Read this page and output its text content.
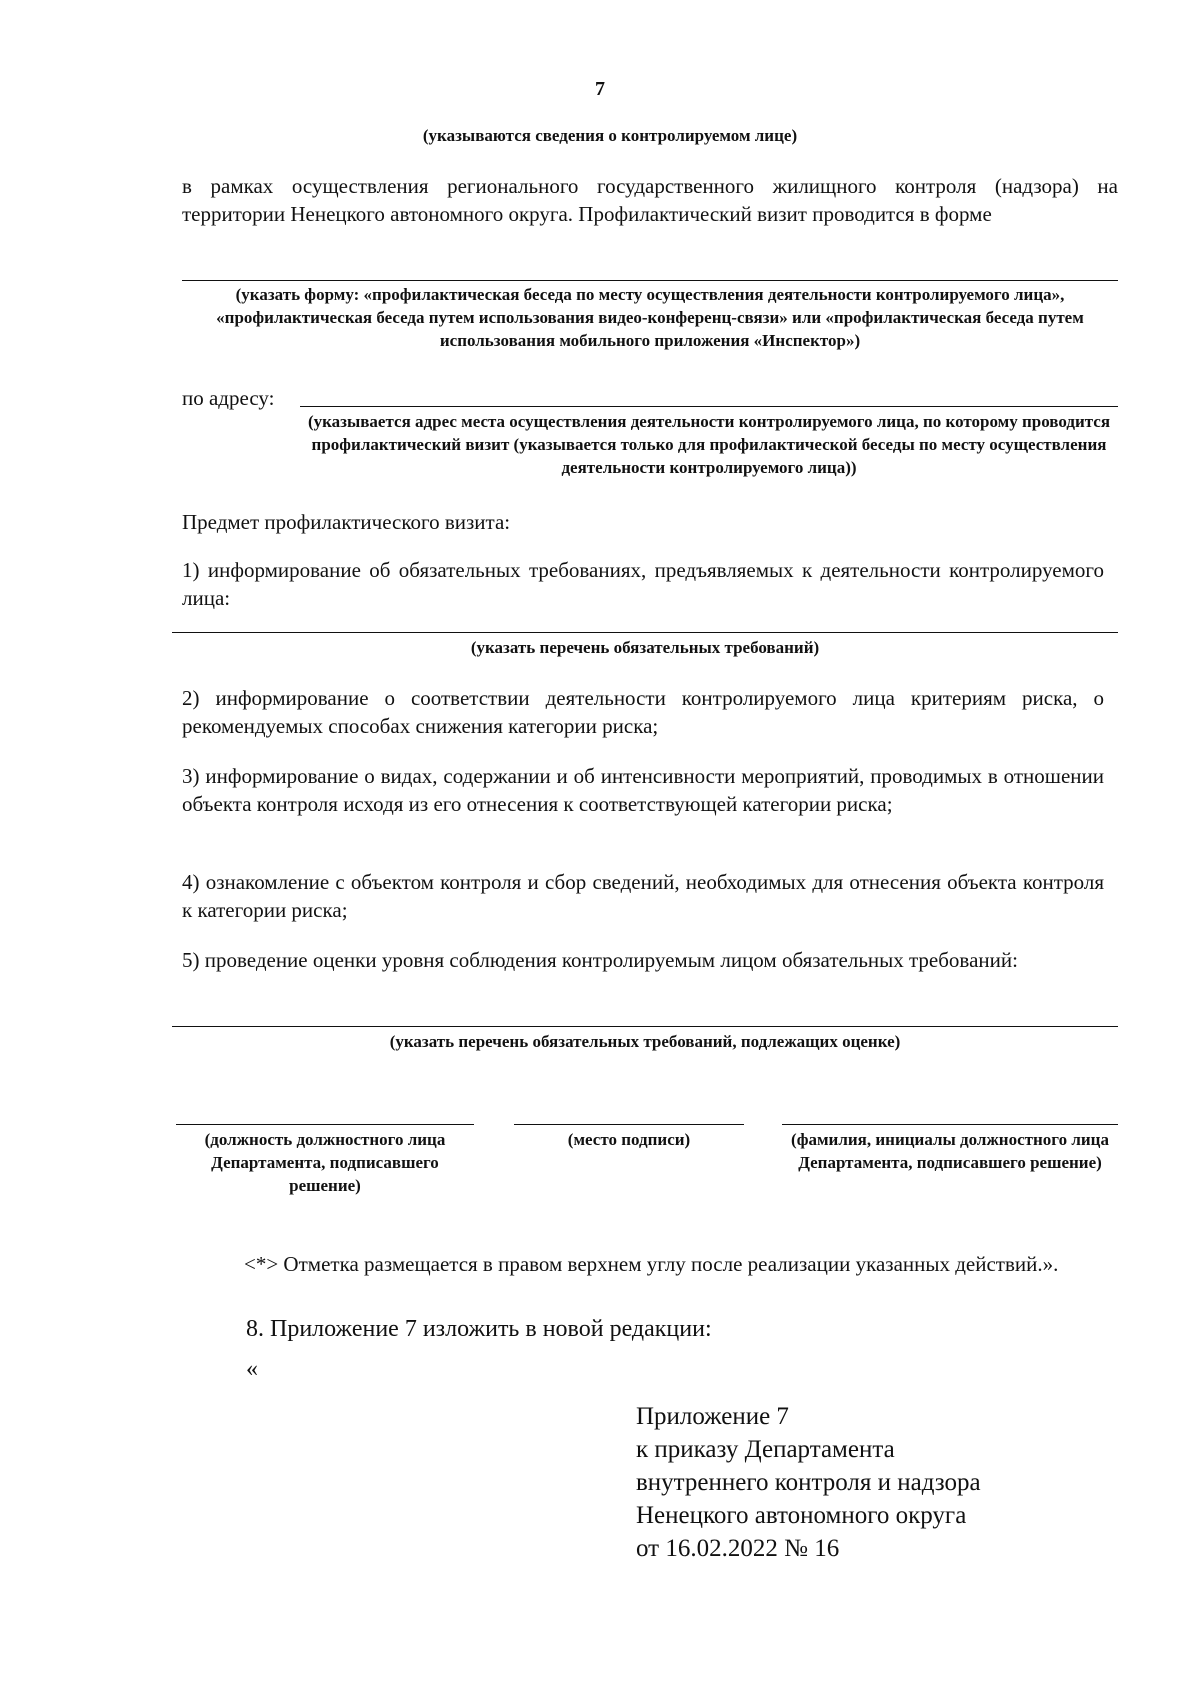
7
(указываются сведения о контролируемом лице)
в рамках осуществления регионального государственного жилищного контроля (надзора) на территории Ненецкого автономного округа. Профилактический визит проводится в форме
(указать форму: «профилактическая беседа по месту осуществления деятельности контролируемого лица», «профилактическая беседа путем использования видео-конференц-связи» или «профилактическая беседа путем использования мобильного приложения «Инспектор»)
по адресу:
(указывается адрес места осуществления деятельности контролируемого лица, по которому проводится профилактический визит (указывается только для профилактической беседы по месту осуществления деятельности контролируемого лица))
Предмет профилактического визита:
1) информирование об обязательных требованиях, предъявляемых к деятельности контролируемого лица:
(указать перечень обязательных требований)
2) информирование о соответствии деятельности контролируемого лица критериям риска, о рекомендуемых способах снижения категории риска;
3) информирование о видах, содержании и об интенсивности мероприятий, проводимых в отношении объекта контроля исходя из его отнесения к соответствующей категории риска;
4) ознакомление с объектом контроля и сбор сведений, необходимых для отнесения объекта контроля к категории риска;
5) проведение оценки уровня соблюдения контролируемым лицом обязательных требований:
(указать перечень обязательных требований, подлежащих оценке)
(должность должностного лица Департамента, подписавшего решение)
(место подписи)	(фамилия, инициалы должностного лица Департамента, подписавшего решение)
<*> Отметка размещается в правом верхнем углу после реализации указанных действий.».
8. Приложение 7 изложить в новой редакции:
«
Приложение 7
к приказу Департамента
внутреннего контроля и надзора
Ненецкого автономного округа
от 16.02.2022 № 16
